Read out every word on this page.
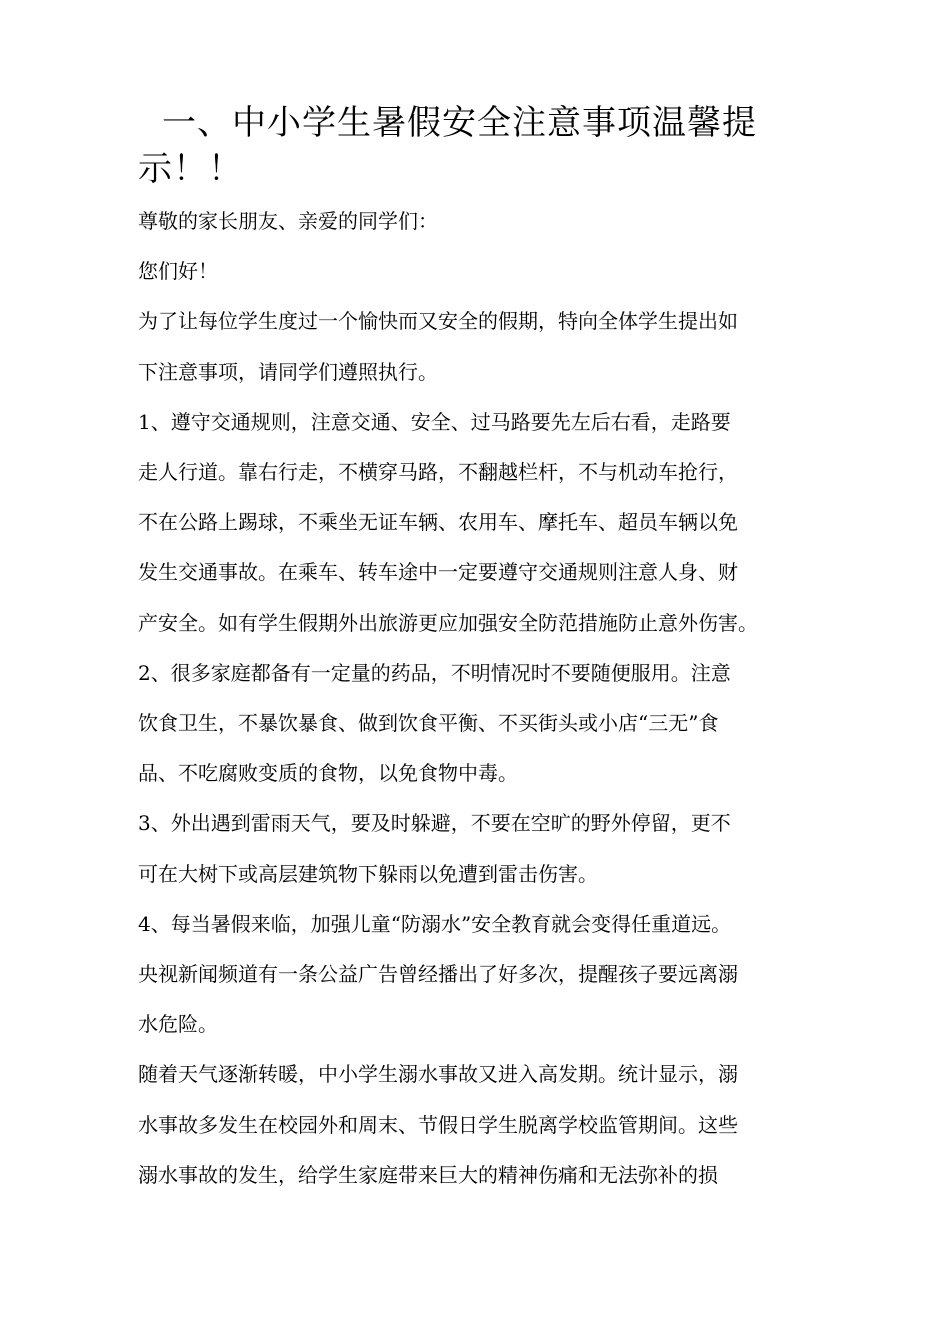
一、中小学生暑假安全注意事项温馨提示！！

尊敬的家长朋友、亲爱的同学们：

您们好！

为了让每位学生度过一个愉快而又安全的假期，特向全体学生提出如

下注意事项，请同学们遵照执行。

1、遵守交通规则，注意交通、安全、过马路要先左后右看，走路要

走人行道。靠右行走，不横穿马路，不翻越栏杆，不与机动车抢行，

不在公路上踢球，不乘坐无证车辆、农用车、摩托车、超员车辆以免

发生交通事故。在乘车、转车途中一定要遵守交通规则注意人身、财

产安全。如有学生假期外出旅游更应加强安全防范措施防止意外伤害。

2、很多家庭都备有一定量的药品，不明情况时不要随便服用。注意

饮食卫生，不暴饮暴食、做到饮食平衡、不买街头或小店“三无”食

品、不吃腐败变质的食物，以免食物中毒。

3、外出遇到雷雨天气，要及时躲避，不要在空旷的野外停留，更不

可在大树下或高层建筑物下躲雨以免遭到雷击伤害。

4、每当暑假来临，加强儿童“防溺水”安全教育就会变得任重道远。

央视新闻频道有一条公益广告曾经播出了好多次，提醒孩子要远离溺

水危险。

随着天气逐渐转暖，中小学生溺水事故又进入高发期。统计显示，溺

水事故多发生在校园外和周末、节假日学生脱离学校监管期间。这些

溺水事故的发生，给学生家庭带来巨大的精神伤痛和无法弥补的损
